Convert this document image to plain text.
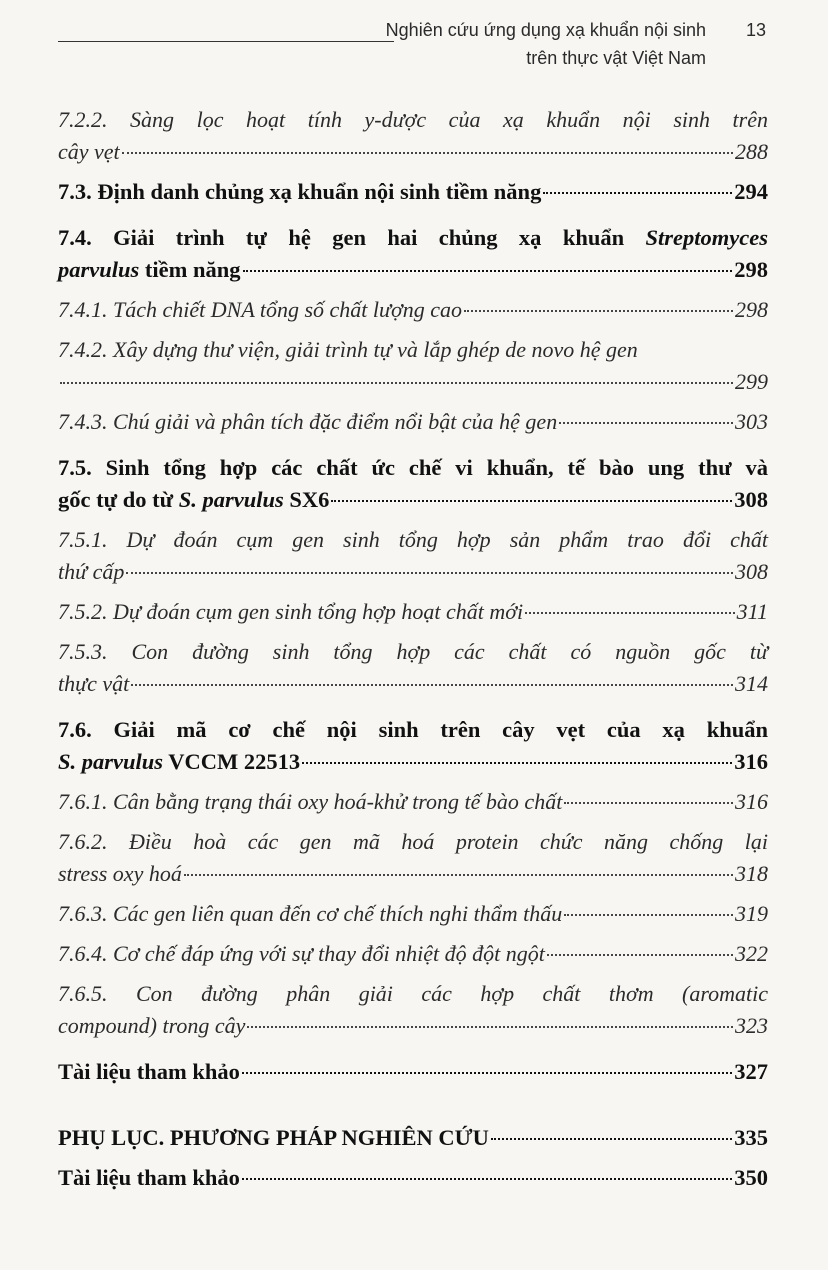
Nghiên cứu ứng dụng xạ khuẩn nội sinh 13
trên thực vật Việt Nam
7.2.2. Sàng lọc hoạt tính y-dược của xạ khuẩn nội sinh trên
cây vẹt	288
7.3. Định danh chủng xạ khuẩn nội sinh tiềm năng	294
7.4. Giải trình tự hệ gen hai chủng xạ khuẩn Streptomyces
parvulus tiềm năng	298
7.4.1. Tách chiết DNA tổng số chất lượng cao	298
7.4.2. Xây dựng thư viện, giải trình tự và lắp ghép de novo hệ gen
299
7.4.3. Chú giải và phân tích đặc điểm nổi bật của hệ gen	303
7.5. Sinh tổng hợp các chất ức chế vi khuẩn, tế bào ung thư và
gốc tự do từ S. parvulus SX6	308
7.5.1. Dự đoán cụm gen sinh tổng hợp sản phẩm trao đổi chất
thứ cấp	308
7.5.2. Dự đoán cụm gen sinh tổng hợp hoạt chất mới	311
7.5.3. Con đường sinh tổng hợp các chất có nguồn gốc từ
thực vật	314
7.6. Giải mã cơ chế nội sinh trên cây vẹt của xạ khuẩn
S. parvulus VCCM 22513	316
7.6.1. Cân bằng trạng thái oxy hoá-khử trong tế bào chất	316
7.6.2. Điều hoà các gen mã hoá protein chức năng chống lại
stress oxy hoá	318
7.6.3. Các gen liên quan đến cơ chế thích nghi thẩm thấu	319
7.6.4. Cơ chế đáp ứng với sự thay đổi nhiệt độ đột ngột	322
7.6.5. Con đường phân giải các hợp chất thơm (aromatic
compound) trong cây	323
Tài liệu tham khảo	327
PHỤ LỤC. PHƯƠNG PHÁP NGHIÊN CỨU	335
Tài liệu tham khảo	350
